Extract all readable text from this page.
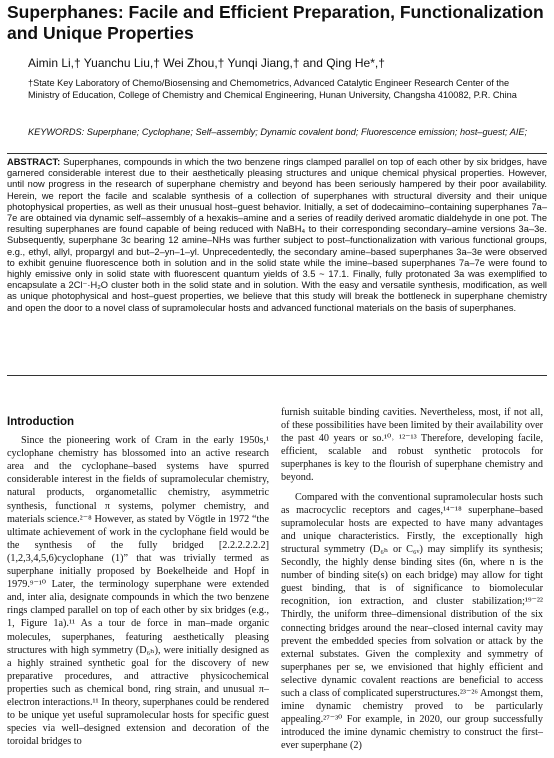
Superphanes: Facile and Efficient Preparation, Functionalization and Unique Properties
Aimin Li,† Yuanchu Liu,† Wei Zhou,† Yunqi Jiang,† and Qing He*,†
†State Key Laboratory of Chemo/Biosensing and Chemometrics, Advanced Catalytic Engineer Research Center of the Ministry of Education, College of Chemistry and Chemical Engineering, Hunan University, Changsha 410082, P.R. China
KEYWORDS: Superphane; Cyclophane; Self–assembly; Dynamic covalent bond; Fluorescence emission; host–guest; AIE;
ABSTRACT: Superphanes, compounds in which the two benzene rings clamped parallel on top of each other by six bridges, have garnered considerable interest due to their aesthetically pleasing structures and unique chemical physical properties. However, until now progress in the research of superphane chemistry and beyond has been seriously hampered by their poor availability. Herein, we report the facile and scalable synthesis of a collection of superphanes with structural diversity and their unique photophysical properties, as well as their unusual host–guest behavior. Initially, a set of dodecaimino–containing superphanes 7a–7e are obtained via dynamic self–assembly of a hexakis–amine and a series of readily derived aromatic dialdehyde in one pot. The resulting superphanes are found capable of being reduced with NaBH₄ to their corresponding secondary–amine versions 3a–3e. Subsequently, superphane 3c bearing 12 amine–NHs was further subject to post–functionalization with various functional groups, e.g., ethyl, allyl, propargyl and but–2–yn–1–yl. Unprecedentedly, the secondary amine–based superphanes 3a–3e were observed to exhibit genuine fluorescence both in solution and in the solid state while the imine–based superphanes 7a–7e were found to highly emissive only in solid state with fluorescent quantum yields of 3.5 ~ 17.1. Finally, fully protonated 3a was exemplified to encapsulate a 2Cl⁻·H₂O cluster both in the solid state and in solution. With the easy and versatile synthesis, modification, as well as unique photophysical and host–guest properties, we believe that this study will break the bottleneck in superphane chemistry and open the door to a novel class of supramolecular hosts and advanced functional materials on the basis of superphanes.
Introduction

Since the pioneering work of Cram in the early 1950s,¹ cyclophane chemistry has blossomed into an active research area and the cyclophane–based systems have spurred considerable interest in the fields of supramolecular chemistry, natural products, organometallic chemistry, asymmetric synthesis, functional π systems, polymer chemistry, and materials science.²⁻⁸ However, as stated by Vögtle in 1972 “the ultimate achievement of work in the cyclophane field would be the synthesis of the fully bridged [2.2.2.2.2.2](1,2,3,4,5,6)cyclophane (1)” that was trivially termed as superphane initially proposed by Boekelheide and Hopf in 1979.⁹⁻¹⁰ Later, the terminology superphane were extended and, inter alia, designate compounds in which the two benzene rings clamped parallel on top of each other by six bridges (e.g., 1, Figure 1a).¹¹ As a tour de force in man–made organic molecules, superphanes, featuring aesthetically pleasing structures with high symmetry (D₆ₕ), were initially designed as a highly strained synthetic goal for the discovery of new preparative procedures, and attractive physicochemical properties such as chemical bond, ring strain, and unusual π–electron interactions.¹¹ In theory, superphanes could be rendered to be unique yet useful supramolecular hosts for specific guest species via well–designed extension and decoration of the toroidal bridges to

furnish suitable binding cavities. Nevertheless, most, if not all, of these possibilities have been limited by their availability over the past 40 years or so.¹⁰˒ ¹²⁻¹³ Therefore, developing facile, efficient, scalable and robust synthetic protocols for superphanes is key to the flourish of superphane chemistry and beyond.

Compared with the conventional supramolecular hosts such as macrocyclic receptors and cages,¹⁴⁻¹⁸ superphane–based supramolecular hosts are expected to have many advantages and unique characteristics. Firstly, the exceptionally high structural symmetry (D₆ₕ or C₆ᵥ) may simplify its synthesis; Secondly, the highly dense binding sites (6n, where n is the number of binding site(s) on each bridge) may allow for tight guest binding, that is of significance to biomolecular recognition, ion extraction, and cluster stabilization;¹⁹⁻²² Thirdly, the uniform three–dimensional distribution of the six connecting bridges around the near–closed internal cavity may prevent the embedded species from solvation or attack by the external substates. Given the complexity and symmetry of superphanes per se, we envisioned that highly efficient and selective dynamic covalent reactions are beneficial to access such a class of complicated superstructures.²³⁻²⁶ Amongst them, imine dynamic chemistry proved to be particularly appealing.²⁷⁻³⁰ For example, in 2020, our group successfully introduced the imine dynamic chemistry to construct the first–ever superphane (2)
